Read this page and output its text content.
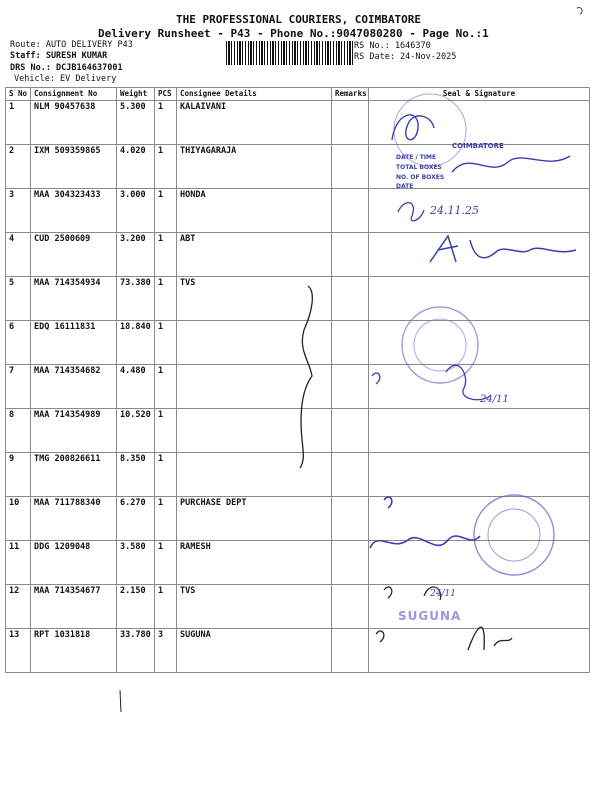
THE PROFESSIONAL COURIERS, COIMBATORE
Delivery Runsheet - P43 - Phone No.:9047080280 - Page No.:1
Route: AUTO DELIVERY P43
Staff: SURESH KUMAR
DRS No.: DCJB164637001
Vehicle: EV Delivery
RS No.: 1646370
RS Date: 24-Nov-2025
S No	Consignment No	Weight	PCS	Consignee Details	Remarks	Seal & Signature
1	NLM 90457638	5.300	1	KALAIVANI		
2	IXM 509359865	4.020	1	THIYAGARAJA		
3	MAA 304323433	3.000	1	HONDA		
4	CUD 2500609	3.200	1	ABT		
5	MAA 714354934	73.380	1	TVS		
6	EDQ 16111831	18.840	1			
7	MAA 714354682	4.480	1			
8	MAA 714354989	10.520	1			
9	TMG 200826611	8.350	1			
10	MAA 711788340	6.270	1	PURCHASE DEPT		
11	DDG 1209048	3.580	1	RAMESH		
12	MAA 714354677	2.150	1	TVS		
13	RPT 1031818	33.780	3	SUGUNA		
COIMBATORE
DATE / TIME
TOTAL BOXES
NO. OF BOXES
DATE
24.11.25
24/11
24/11
SUGUNA
